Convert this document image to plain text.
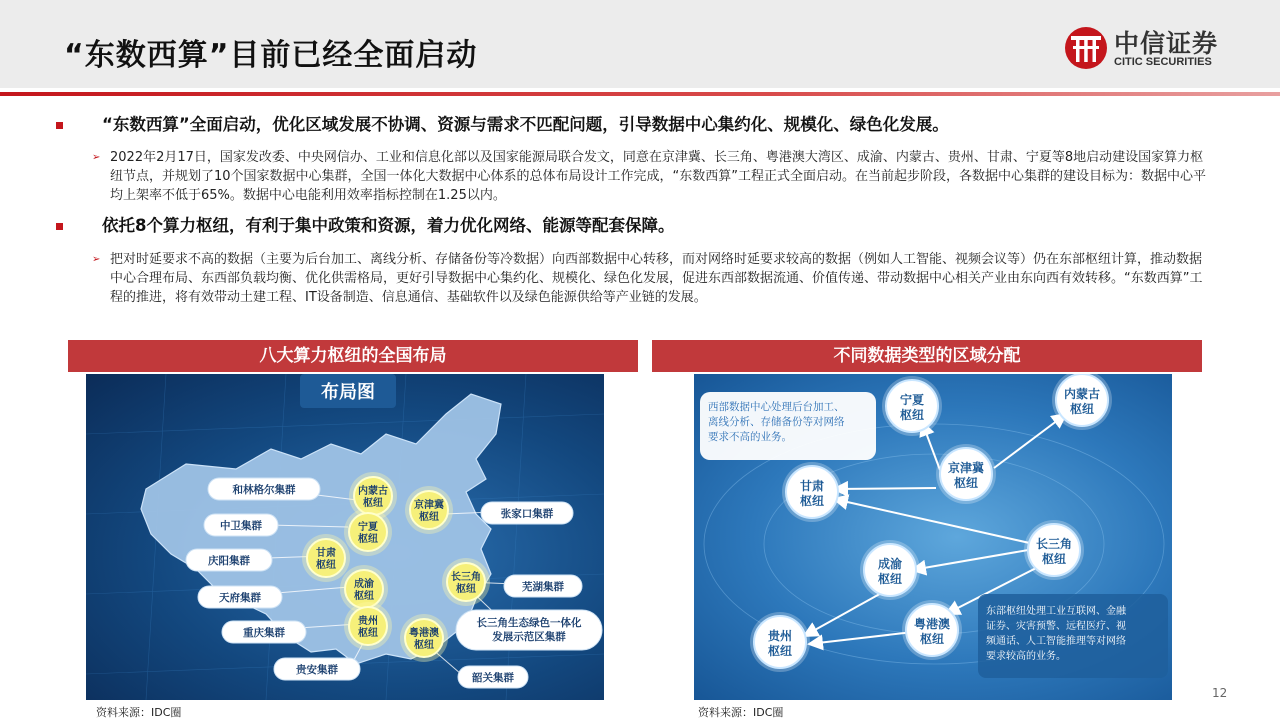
“东数西算”目前已经全面启动	中信证券
CITIC SECURITIES
“东数西算”全面启动，优化区域发展不协调、资源与需求不匹配问题，引导数据中心集约化、规模化、绿色化发展。
➢ 2022年2月17日，国家发改委、中央网信办、工业和信息化部以及国家能源局联合发文，同意在京津冀、长三角、粤港澳大湾区、成渝、内蒙古、贵州、甘肃、宁夏等8地启动建设国家算力枢纽节点，并规划了10个国家数据中心集群，全国一体化大数据中心体系的总体布局设计工作完成，“东数西算”工程正式全面启动。在当前起步阶段，各数据中心集群的建设目标为：数据中心平均上架率不低于65%。数据中心电能利用效率指标控制在1.25以内。
依托8个算力枢纽，有利于集中政策和资源，着力优化网络、能源等配套保障。
➢ 把对时延要求不高的数据（主要为后台加工、离线分析、存储备份等冷数据）向西部数据中心转移，而对网络时延要求较高的数据（例如人工智能、视频会议等）仍在东部枢纽计算，推动数据中心合理布局、东西部负载均衡、优化供需格局，更好引导数据中心集约化、规模化、绿色化发展，促进东西部数据流通、价值传递、带动数据中心相关产业由东向西有效转移。“东数西算”工程的推进，将有效带动土建工程、IT设备制造、信息通信、基础软件以及绿色能源供给等产业链的发展。
八大算力枢纽的全国布局	不同数据类型的区域分配
布局图
内蒙古枢纽	京津冀枢纽
宁夏枢纽
甘肃枢纽
成渝枢纽
长三角枢纽
贵州枢纽	粤港澳枢纽
和林格尔集群
中卫集群
庆阳集群
天府集群
重庆集群
贵安集群
张家口集群
芜湖集群
长三角生态绿色一体化发展示范区集群
韶关集群
西部数据中心处理后台加工、离线分析、存储备份等对网络要求不高的业务。
东部枢纽处理工业互联网、金融证券、灾害预警、远程医疗、视频通话、人工智能推理等对网络要求较高的业务。
宁夏枢纽
内蒙古枢纽
甘肃枢纽
京津冀枢纽
长三角枢纽
成渝枢纽
粤港澳枢纽
贵州枢纽
资料来源：IDC圈	资料来源：IDC圈
12
